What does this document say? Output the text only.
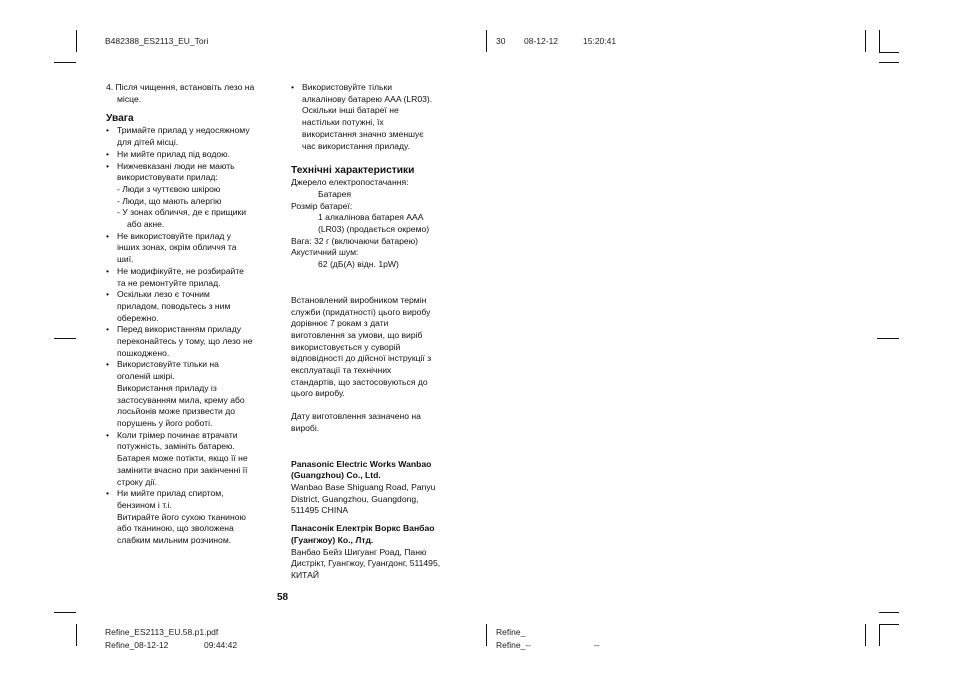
B482388_ES2113_EU_Tori	30 08-12-12	15:20:41

4. Після чищення, встановіть лезо на

місце.

Увага

• Тримайте прилад у недосяжному

для дітей місці.

• Ни мийте прилад під водою.

• Нижчевказані люди не мають

використовувати прилад:

- Люди з чуттєвою шкірою

- Люди, що мають алергію

- У зонах обличчя, де є прищики

або акне.

• Не використовуйте прилад у

інших зонах, окрім обличчя та

шиї.

• Не модифікуйте, не розбирайте

та не ремонтуйте прилад.

• Оскільки лезо є точним

приладом, поводьтесь з ним

обережно.

• Перед використанням приладу

переконайтесь у тому, що лезо не

пошкоджено.

• Використовуйте тільки на

оголеній шкірі.

Використання приладу із

застосуванням мила, крему або

лосьйонів може призвести до

порушень у його роботі.

• Коли трімер починає втрачати

потужність, замініть батарею.

Батарея може потікти, якщо її не

замінити вчасно при закінченні її

строку дії.

• Ни мийте прилад спиртом,

бензином і т.і.

Витирайте його сухою тканиною

або тканиною, що зволожена

слабким мильним розчином.

• Використовуйте тільки

алкалінову батарею AAA (LR03).

Оскільки інші батареї не

настільки потужні, їх

використання значно зменшує

час використання приладу.

Технічні характеристики

Джерело електропостачання:

Батарея

Розмір батареї:

1 алкалінова батарея AAA

(LR03) (продається окремо)

Вага: 32 г (включаючи батарею)

Акустичний шум:

62 (дБ(A) відн. 1pW)

Встановлений виробником термін

служби (придатності) цього виробу

дорівнює 7 рокам з дати

виготовлення за умови, що виріб

використовується у суворій

відповідності до дійсної інструкції з

експлуатації та технічних

стандартів, що застосовуються до

цього виробу.

Дату виготовлення зазначено на

виробі.

Panasonic Electric Works Wanbao

(Guangzhou) Co., Ltd.

Wanbao Base Shiguang Road, Panyu

District, Guangzhou, Guangdong,

511495 CHINA

Панасонік Електрік Воркс Ванбао

(Гуангжоу) Ко., Лтд.

Ванбао Бейз Шигуанг Роад, Паню

Дистрікт, Гуангжоу, Гуангдонг, 511495,

КИТАЙ

58
Refine_ES2113_EU.58.p1.pdf
Refine_08-12-12	09:44:42
Refine_
Refine_--	--
